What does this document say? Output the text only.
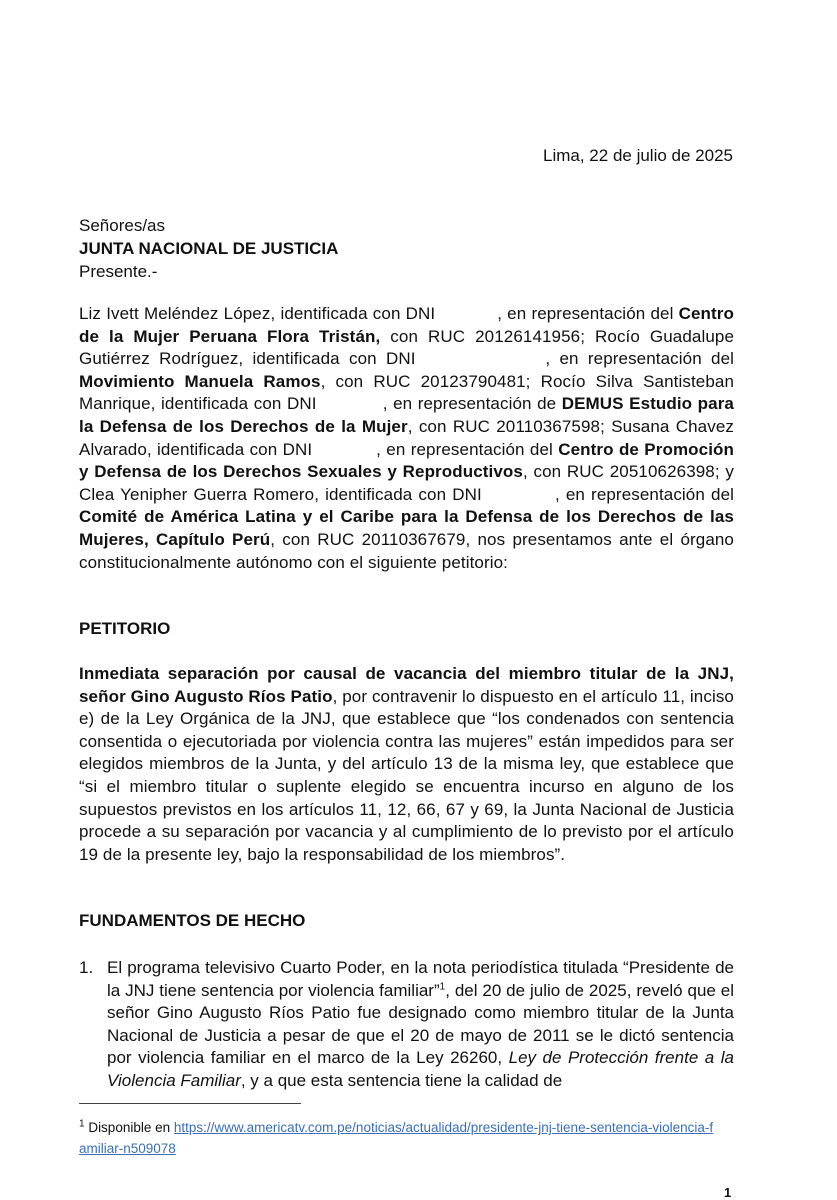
Lima, 22 de julio de 2025
Señores/as
JUNTA NACIONAL DE JUSTICIA
Presente.-
Liz Ivett Meléndez López, identificada con DNI	, en representación del Centro de la Mujer Peruana Flora Tristán, con RUC 20126141956; Rocío Guadalupe Gutiérrez Rodríguez, identificada con DNI	, en representación del Movimiento Manuela Ramos, con RUC 20123790481; Rocío Silva Santisteban Manrique, identificada con DNI	, en representación de DEMUS Estudio para la Defensa de los Derechos de la Mujer, con RUC 20110367598; Susana Chavez Alvarado, identificada con DNI	, en representación del Centro de Promoción y Defensa de los Derechos Sexuales y Reproductivos, con RUC 20510626398; y Clea Yenipher Guerra Romero, identificada con DNI	, en representación del Comité de América Latina y el Caribe para la Defensa de los Derechos de las Mujeres, Capítulo Perú, con RUC 20110367679, nos presentamos ante el órgano constitucionalmente autónomo con el siguiente petitorio:
PETITORIO
Inmediata separación por causal de vacancia del miembro titular de la JNJ, señor Gino Augusto Ríos Patio, por contravenir lo dispuesto en el artículo 11, inciso e) de la Ley Orgánica de la JNJ, que establece que “los condenados con sentencia consentida o ejecutoriada por violencia contra las mujeres” están impedidos para ser elegidos miembros de la Junta, y del artículo 13 de la misma ley, que establece que “si el miembro titular o suplente elegido se encuentra incurso en alguno de los supuestos previstos en los artículos 11, 12, 66, 67 y 69, la Junta Nacional de Justicia procede a su separación por vacancia y al cumplimiento de lo previsto por el artículo 19 de la presente ley, bajo la responsabilidad de los miembros”.
FUNDAMENTOS DE HECHO
1. El programa televisivo Cuarto Poder, en la nota periodística titulada “Presidente de la JNJ tiene sentencia por violencia familiar”$^1$, del 20 de julio de 2025, reveló que el señor Gino Augusto Ríos Patio fue designado como miembro titular de la Junta Nacional de Justicia a pesar de que el 20 de mayo de 2011 se le dictó sentencia por violencia familiar en el marco de la Ley 26260, Ley de Protección frente a la Violencia Familiar, y a que esta sentencia tiene la calidad de
$^1$ Disponible en https://www.americatv.com.pe/noticias/actualidad/presidente-jnj-tiene-sentencia-violencia-familiar-n509078
1
